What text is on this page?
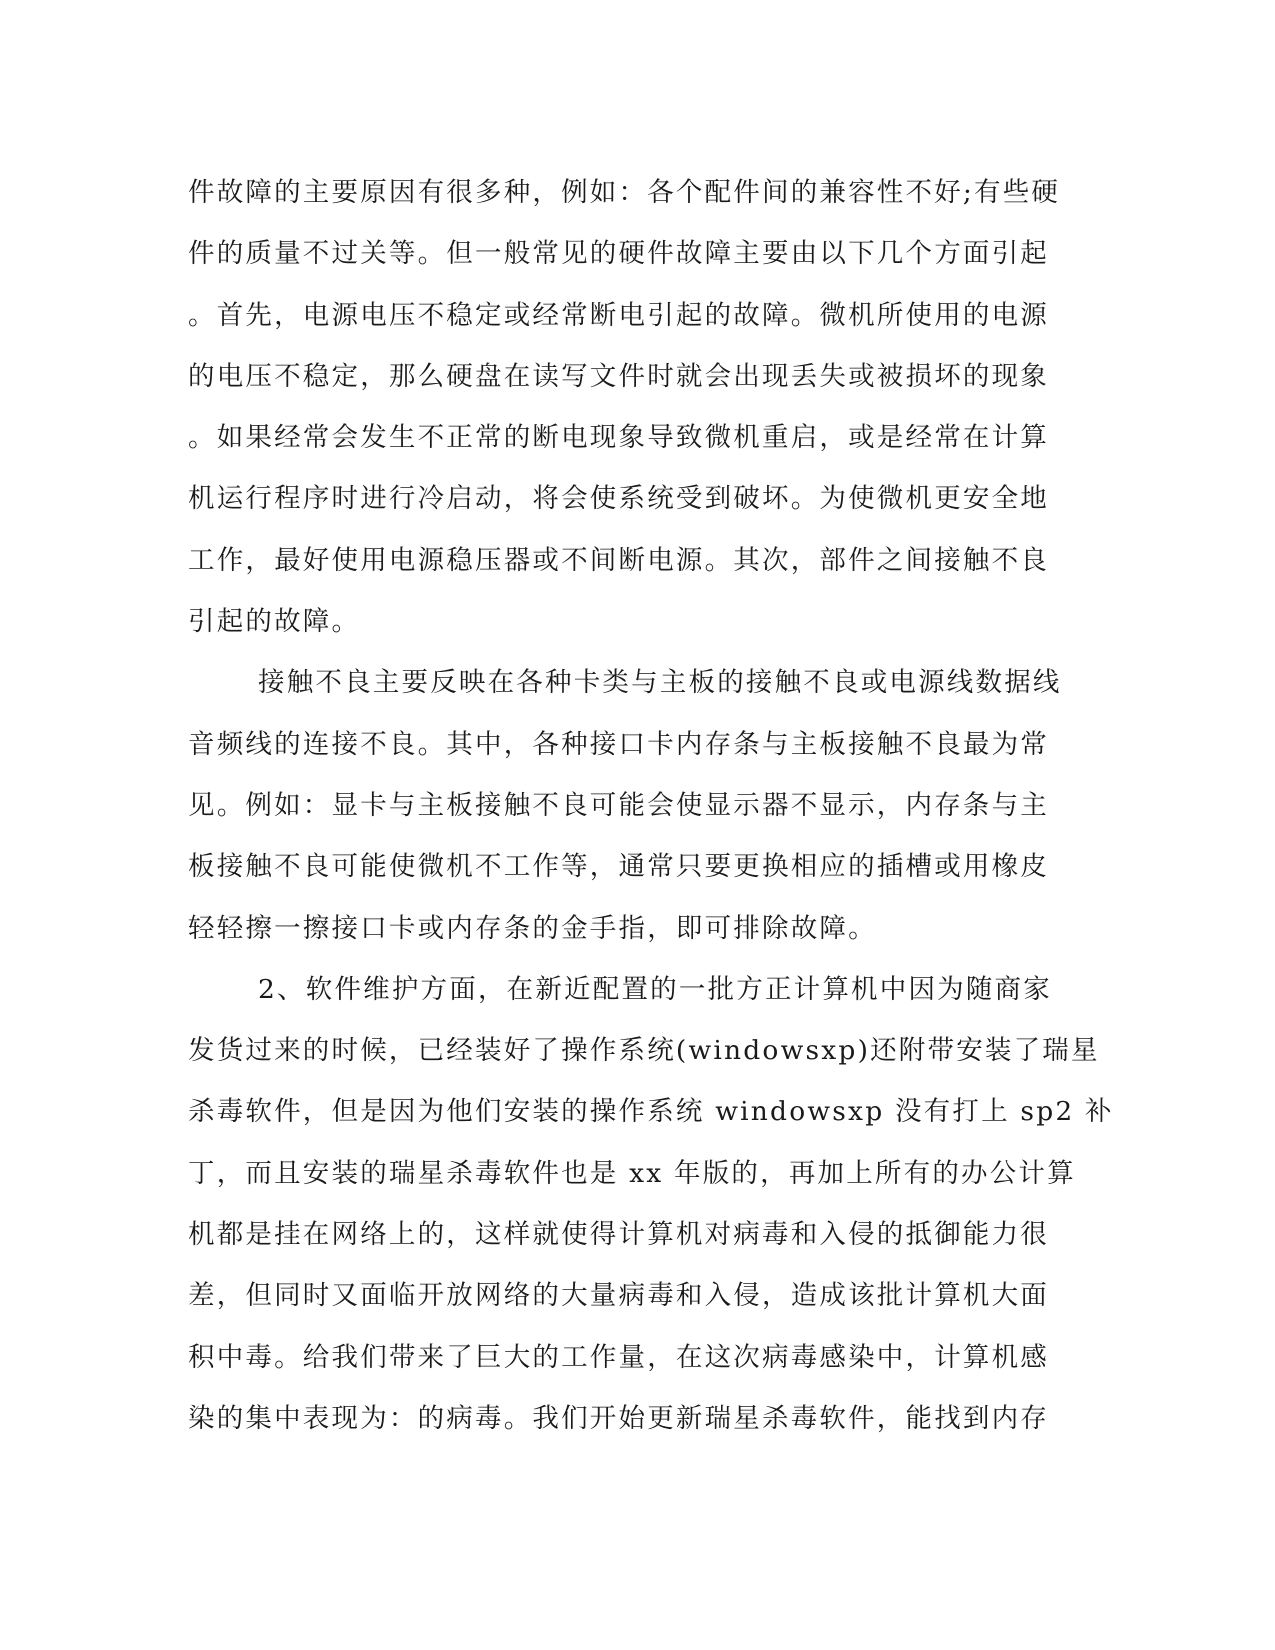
件故障的主要原因有很多种，例如：各个配件间的兼容性不好;有些硬
件的质量不过关等。但一般常见的硬件故障主要由以下几个方面引起
。首先，电源电压不稳定或经常断电引起的故障。微机所使用的电源
的电压不稳定，那么硬盘在读写文件时就会出现丢失或被损坏的现象
。如果经常会发生不正常的断电现象导致微机重启，或是经常在计算
机运行程序时进行冷启动，将会使系统受到破坏。为使微机更安全地
工作，最好使用电源稳压器或不间断电源。其次，部件之间接触不良
引起的故障。
接触不良主要反映在各种卡类与主板的接触不良或电源线数据线
音频线的连接不良。其中，各种接口卡内存条与主板接触不良最为常
见。例如：显卡与主板接触不良可能会使显示器不显示，内存条与主
板接触不良可能使微机不工作等，通常只要更换相应的插槽或用橡皮
轻轻擦一擦接口卡或内存条的金手指，即可排除故障。
2、软件维护方面，在新近配置的一批方正计算机中因为随商家
发货过来的时候，已经装好了操作系统(windowsxp)还附带安装了瑞星
杀毒软件，但是因为他们安装的操作系统 windowsxp 没有打上 sp2 补
丁，而且安装的瑞星杀毒软件也是 xx 年版的，再加上所有的办公计算
机都是挂在网络上的，这样就使得计算机对病毒和入侵的抵御能力很
差，但同时又面临开放网络的大量病毒和入侵，造成该批计算机大面
积中毒。给我们带来了巨大的工作量，在这次病毒感染中，计算机感
染的集中表现为：的病毒。我们开始更新瑞星杀毒软件，能找到内存
